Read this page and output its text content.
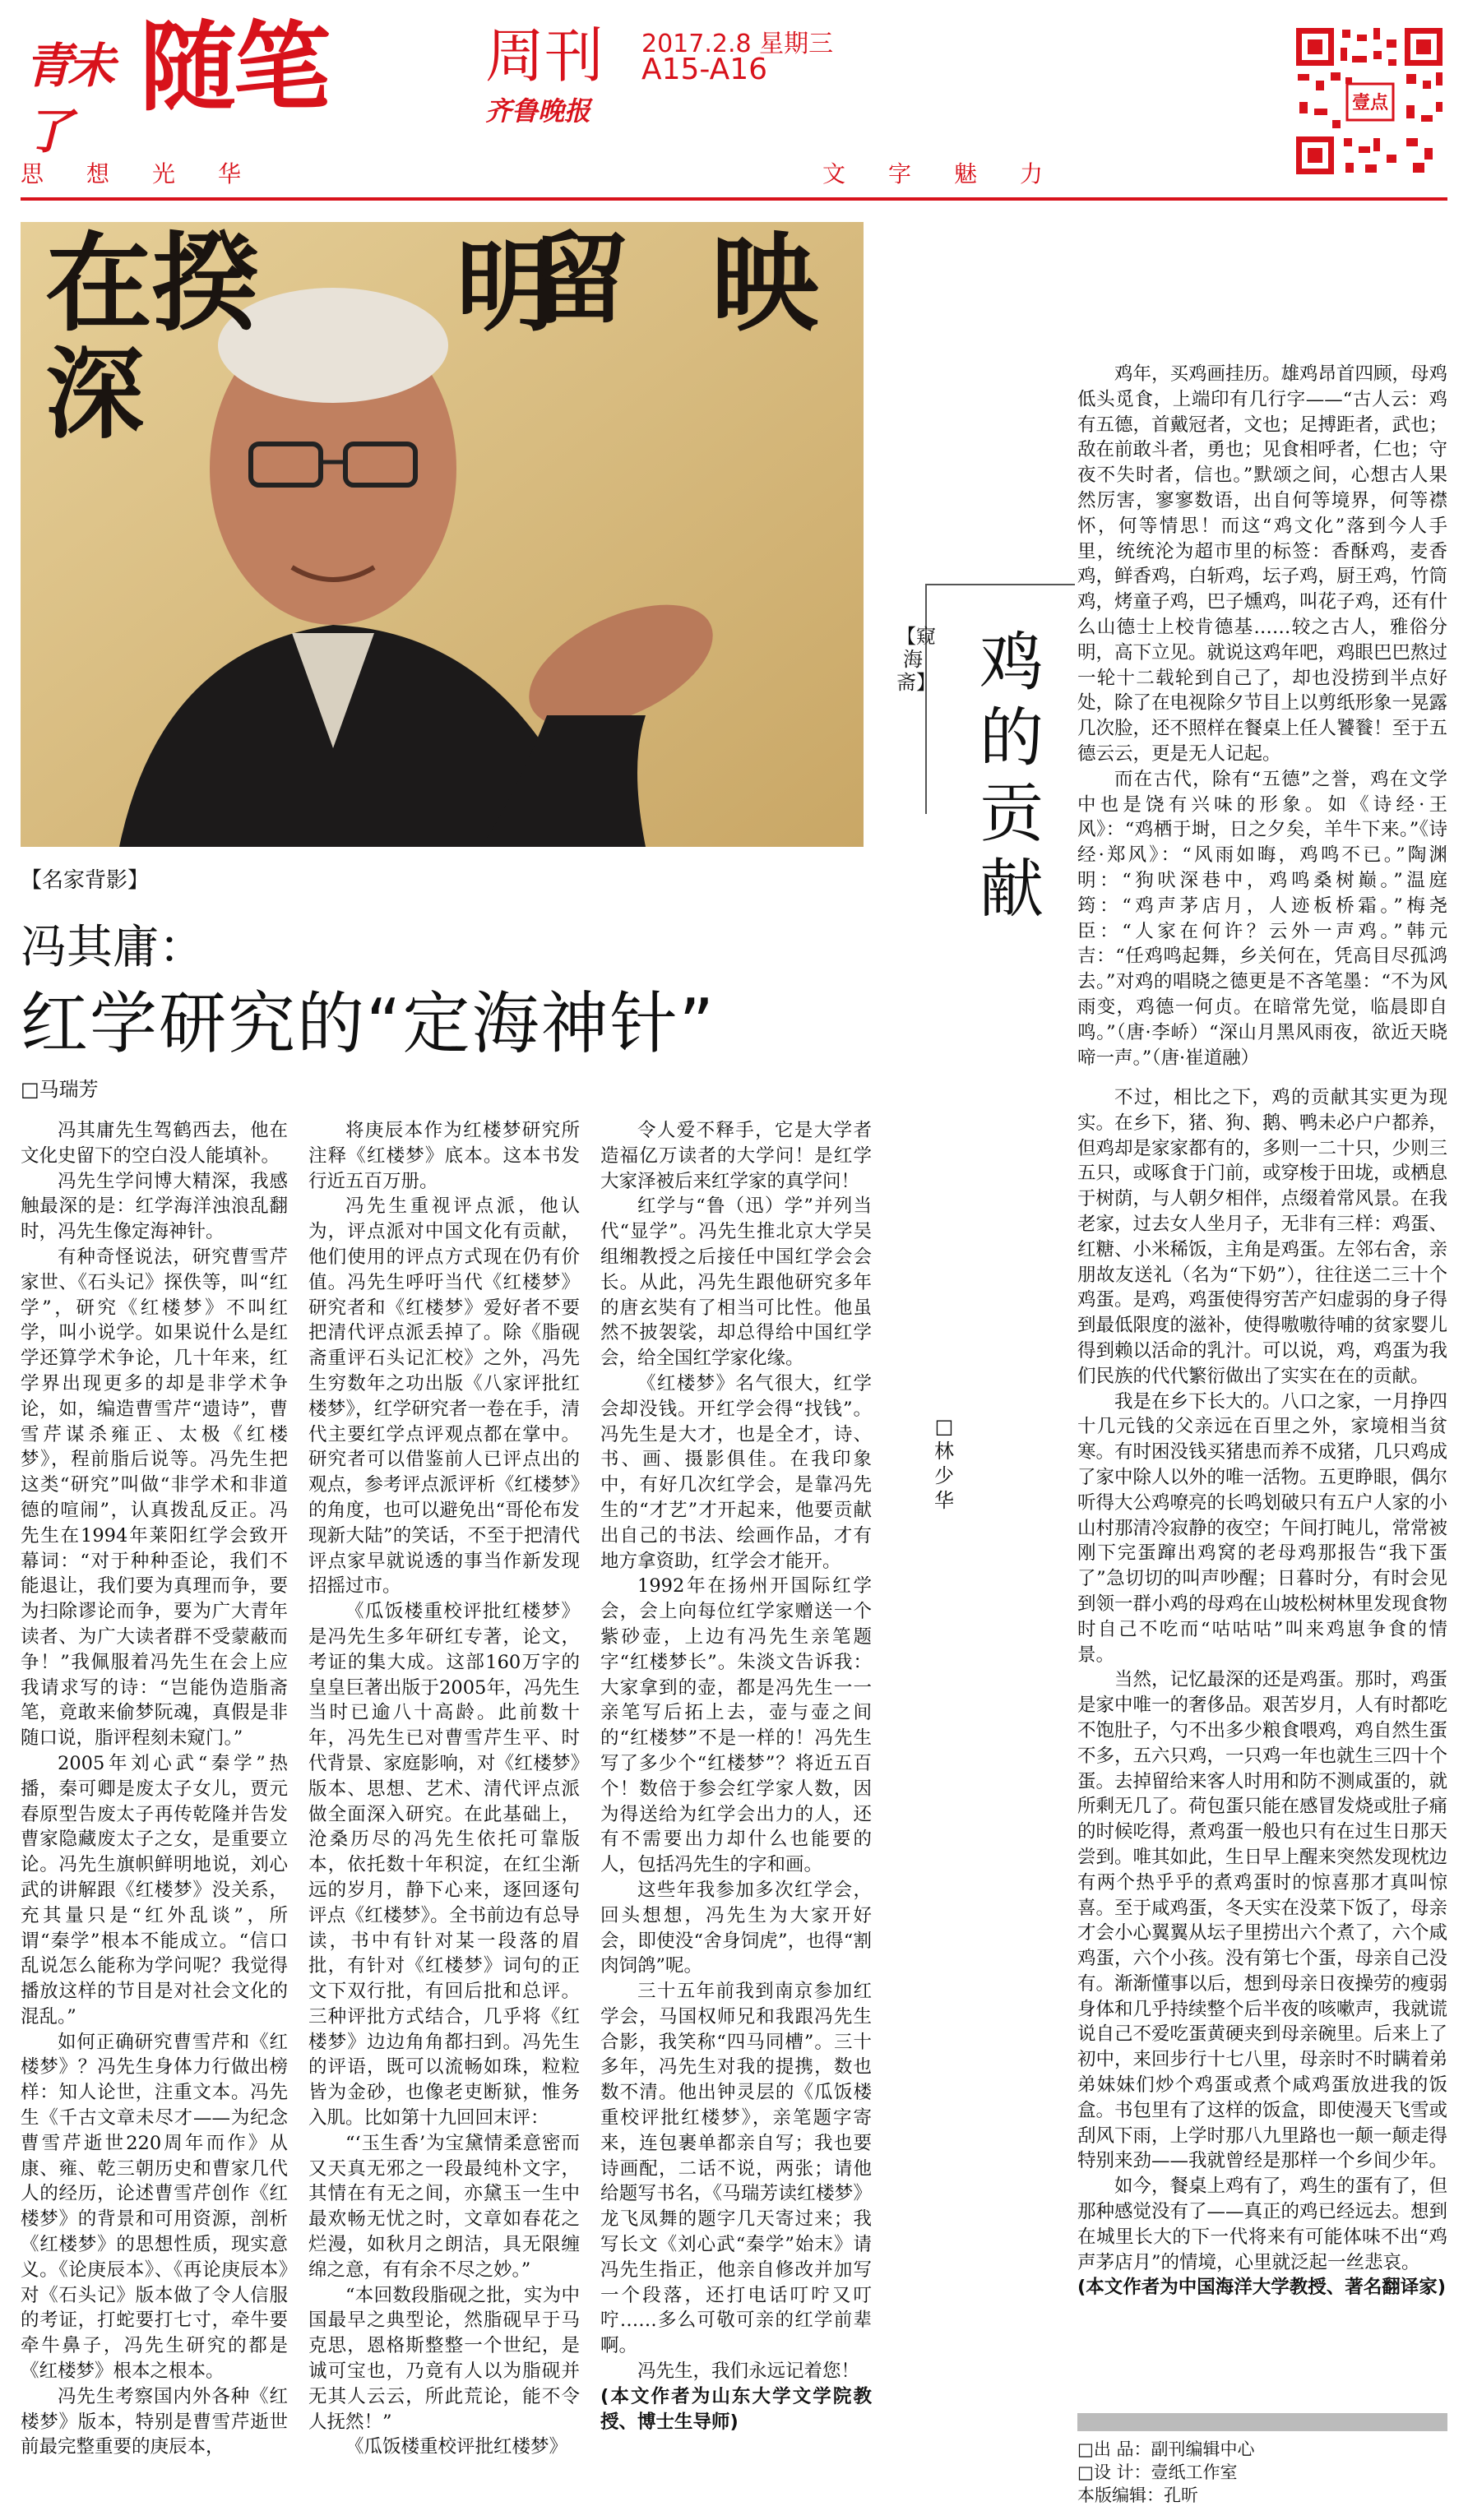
青未了
随笔	周刊 2017.2.8 星期三
A15-A16
齐鲁晚报
思想光华	文字魅力
壹点
在 揆 明
留 映
深
【名家背影】
冯其庸：
红学研究的“定海神针”
□马瑞芳

冯其庸先生驾鹤西去，他在文化史留下的空白没人能填补。

冯先生学问博大精深，我感触最深的是：红学海洋浊浪乱翻时，冯先生像定海神针。

有种奇怪说法，研究曹雪芹家世、《石头记》探佚等，叫“红学”，研究《红楼梦》不叫红学，叫小说学。如果说什么是红学还算学术争论，几十年来，红学界出现更多的却是非学术争论，如，编造曹雪芹“遗诗”，曹雪芹谋杀雍正、太极《红楼梦》，程前脂后说等。冯先生把这类“研究”叫做“非学术和非道德的喧闹”，认真拨乱反正。冯先生在1994年莱阳红学会致开幕词：“对于种种歪论，我们不能退让，我们要为真理而争，要为扫除谬论而争，要为广大青年读者、为广大读者群不受蒙蔽而争！”我佩服着冯先生在会上应我请求写的诗：“岂能伪造脂斋笔，竟敢来偷梦阮魂，真假是非随口说，脂评程刻未窥门。”

2005年刘心武“秦学”热播，秦可卿是废太子女儿，贾元春原型告废太子再传乾隆并告发曹家隐藏废太子之女，是重要立论。冯先生旗帜鲜明地说，刘心武的讲解跟《红楼梦》没关系，充其量只是“红外乱谈”，所谓“秦学”根本不能成立。“信口乱说怎么能称为学问呢？我觉得播放这样的节目是对社会文化的混乱。”

如何正确研究曹雪芹和《红楼梦》？冯先生身体力行做出榜样：知人论世，注重文本。冯先生《千古文章未尽才——为纪念曹雪芹逝世220周年而作》从康、雍、乾三朝历史和曹家几代人的经历，论述曹雪芹创作《红楼梦》的背景和可用资源，剖析《红楼梦》的思想性质，现实意义。《论庚辰本》、《再论庚辰本》对《石头记》版本做了令人信服的考证，打蛇要打七寸，牵牛要牵牛鼻子，冯先生研究的都是《红楼梦》根本之根本。

冯先生考察国内外各种《红楼梦》版本，特别是曹雪芹逝世前最完整重要的庚辰本，

将庚辰本作为红楼梦研究所注释《红楼梦》底本。这本书发行近五百万册。

冯先生重视评点派，他认为，评点派对中国文化有贡献，他们使用的评点方式现在仍有价值。冯先生呼吁当代《红楼梦》研究者和《红楼梦》爱好者不要把清代评点派丢掉了。除《脂砚斋重评石头记汇校》之外，冯先生穷数年之功出版《八家评批红楼梦》，红学研究者一卷在手，清代主要红学点评观点都在掌中。研究者可以借鉴前人已评点出的观点，参考评点派评析《红楼梦》的角度，也可以避免出“哥伦布发现新大陆”的笑话，不至于把清代评点家早就说透的事当作新发现招摇过市。

《瓜饭楼重校评批红楼梦》是冯先生多年研红专著，论文，考证的集大成。这部160万字的皇皇巨著出版于2005年，冯先生当时已逾八十高龄。此前数十年，冯先生已对曹雪芹生平、时代背景、家庭影响，对《红楼梦》版本、思想、艺术、清代评点派做全面深入研究。在此基础上，沧桑历尽的冯先生依托可靠版本，依托数十年积淀，在红尘渐远的岁月，静下心来，逐回逐句评点《红楼梦》。全书前边有总导读，书中有针对某一段落的眉批，有针对《红楼梦》词句的正文下双行批，有回后批和总评。三种评批方式结合，几乎将《红楼梦》边边角角都扫到。冯先生的评语，既可以流畅如珠，粒粒皆为金砂，也像老吏断狱，惟务入肌。比如第十九回回末评：

“‘玉生香’为宝黛情柔意密而又天真无邪之一段最纯朴文字，其情在有无之间，亦黛玉一生中最欢畅无忧之时，文章如春花之烂漫，如秋月之朗洁，具无限缠绵之意，有有余不尽之妙。”

“本回数段脂砚之批，实为中国最早之典型论，然脂砚早于马克思，恩格斯整整一个世纪，是诚可宝也，乃竟有人以为脂砚并无其人云云，所此荒论，能不令人抚然！”

《瓜饭楼重校评批红楼梦》

令人爱不释手，它是大学者造福亿万读者的大学问！是红学大家泽被后来红学家的真学问！

红学与“鲁（迅）学”并列当代“显学”。冯先生推北京大学吴组缃教授之后接任中国红学会会长。从此，冯先生跟他研究多年的唐玄奘有了相当可比性。他虽然不披袈裟，却总得给中国红学会，给全国红学家化缘。

《红楼梦》名气很大，红学会却没钱。开红学会得“找钱”。冯先生是大才，也是全才，诗、书、画、摄影俱佳。在我印象中，有好几次红学会，是靠冯先生的“才艺”才开起来，他要贡献出自己的书法、绘画作品，才有地方拿资助，红学会才能开。

1992年在扬州开国际红学会，会上向每位红学家赠送一个紫砂壶，上边有冯先生亲笔题字“红楼梦长”。朱淡文告诉我：大家拿到的壶，都是冯先生一一亲笔写后拓上去，壶与壶之间的“红楼梦”不是一样的！冯先生写了多少个“红楼梦”？将近五百个！数倍于参会红学家人数，因为得送给为红学会出力的人，还有不需要出力却什么也能要的人，包括冯先生的字和画。

这些年我参加多次红学会，回头想想，冯先生为大家开好会，即使没“舍身饲虎”，也得“割肉饲鸽”呢。

三十五年前我到南京参加红学会，马国权师兄和我跟冯先生合影，我笑称“四马同槽”。三十多年，冯先生对我的提携，数也数不清。他出钟灵层的《瓜饭楼重校评批红楼梦》，亲笔题字寄来，连包裹单都亲自写；我也要诗画配，二话不说，两张；请他给题写书名，《马瑞芳读红楼梦》龙飞凤舞的题字几天寄过来；我写长文《刘心武“秦学”始末》请冯先生指正，他亲自修改并加写一个段落，还打电话叮咛又叮咛……多么可敬可亲的红学前辈啊。

冯先生，我们永远记着您！

(本文作者为山东大学文学院教授、博士生导师)

【窥海斋】 鸡的贡献
□林少华

鸡年，买鸡画挂历。雄鸡昂首四顾，母鸡低头觅食，上端印有几行字——“古人云：鸡有五德，首戴冠者，文也；足搏距者，武也；敌在前敢斗者，勇也；见食相呼者，仁也；守夜不失时者，信也。”默颂之间，心想古人果然厉害，寥寥数语，出自何等境界，何等襟怀，何等情思！而这“鸡文化”落到今人手里，统统沦为超市里的标签：香酥鸡，麦香鸡，鲜香鸡，白斩鸡，坛子鸡，厨王鸡，竹筒鸡，烤童子鸡，巴子燻鸡，叫花子鸡，还有什么山德士上校肯德基……较之古人，雅俗分明，高下立见。就说这鸡年吧，鸡眼巴巴熬过一轮十二载轮到自己了，却也没捞到半点好处，除了在电视除夕节目上以剪纸形象一晃露几次脸，还不照样在餐桌上任人饕餮！至于五德云云，更是无人记起。

而在古代，除有“五德”之誉，鸡在文学中也是饶有兴味的形象。如《诗经·王风》：“鸡栖于埘，日之夕矣，羊牛下来。”《诗经·郑风》：“风雨如晦，鸡鸣不已。”陶渊明：“狗吠深巷中，鸡鸣桑树巅。”温庭筠：“鸡声茅店月，人迹板桥霜。”梅尧臣：“人家在何许？云外一声鸡。”韩元吉：“任鸡鸣起舞，乡关何在，凭高目尽孤鸿去。”对鸡的唱晓之德更是不吝笔墨：“不为风雨变，鸡德一何贞。在暗常先觉，临晨即自鸣。”（唐·李峤）“深山月黑风雨夜，欲近天晓啼一声。”（唐·崔道融）

不过，相比之下，鸡的贡献其实更为现实。在乡下，猪、狗、鹅、鸭未必户户都养，但鸡却是家家都有的，多则一二十只，少则三五只，或啄食于门前，或穿梭于田垅，或栖息于树荫，与人朝夕相伴，点缀着常风景。在我老家，过去女人坐月子，无非有三样：鸡蛋、红糖、小米稀饭，主角是鸡蛋。左邻右舍，亲朋故友送礼（名为“下奶”），往往送二三十个鸡蛋。是鸡，鸡蛋使得穷苦产妇虚弱的身子得到最低限度的滋补，使得嗷嗷待哺的贫家婴儿得到赖以活命的乳汁。可以说，鸡，鸡蛋为我们民族的代代繁衍做出了实实在在的贡献。

我是在乡下长大的。八口之家，一月挣四十几元钱的父亲远在百里之外，家境相当贫寒。有时困没钱买猪患而养不成猪，几只鸡成了家中除人以外的唯一活物。五更睁眼，偶尔听得大公鸡嘹亮的长鸣划破只有五户人家的小山村那清冷寂静的夜空；午间打盹儿，常常被刚下完蛋蹿出鸡窝的老母鸡那报告“我下蛋了”急切切的叫声吵醒；日暮时分，有时会见到领一群小鸡的母鸡在山坡松树林里发现食物时自己不吃而“咕咕咕”叫来鸡崽争食的情景。

当然，记忆最深的还是鸡蛋。那时，鸡蛋是家中唯一的奢侈品。艰苦岁月，人有时都吃不饱肚子，勺不出多少粮食喂鸡，鸡自然生蛋不多，五六只鸡，一只鸡一年也就生三四十个蛋。去掉留给来客人时用和防不测咸蛋的，就所剩无几了。荷包蛋只能在感冒发烧或肚子痛的时候吃得，煮鸡蛋一般也只有在过生日那天尝到。唯其如此，生日早上醒来突然发现枕边有两个热乎乎的煮鸡蛋时的惊喜那才真叫惊喜。至于咸鸡蛋，冬天实在没菜下饭了，母亲才会小心翼翼从坛子里捞出六个煮了，六个咸鸡蛋，六个小孩。没有第七个蛋，母亲自己没有。渐渐懂事以后，想到母亲日夜操劳的瘦弱身体和几乎持续整个后半夜的咳嗽声，我就谎说自己不爱吃蛋黄硬夹到母亲碗里。后来上了初中，来回步行十七八里，母亲时不时瞒着弟弟妹妹们炒个鸡蛋或煮个咸鸡蛋放进我的饭盒。书包里有了这样的饭盒，即使漫天飞雪或刮风下雨，上学时那八九里路也一颠一颠走得特别来劲——我就曾经是那样一个乡间少年。

如今，餐桌上鸡有了，鸡生的蛋有了，但那种感觉没有了——真正的鸡已经远去。想到在城里长大的下一代将来有可能体味不出“鸡声茅店月”的情境，心里就泛起一丝悲哀。

(本文作者为中国海洋大学教授、著名翻译家)

□出 品：副刊编辑中心
□设 计：壹纸工作室
本版编辑：孔昕
